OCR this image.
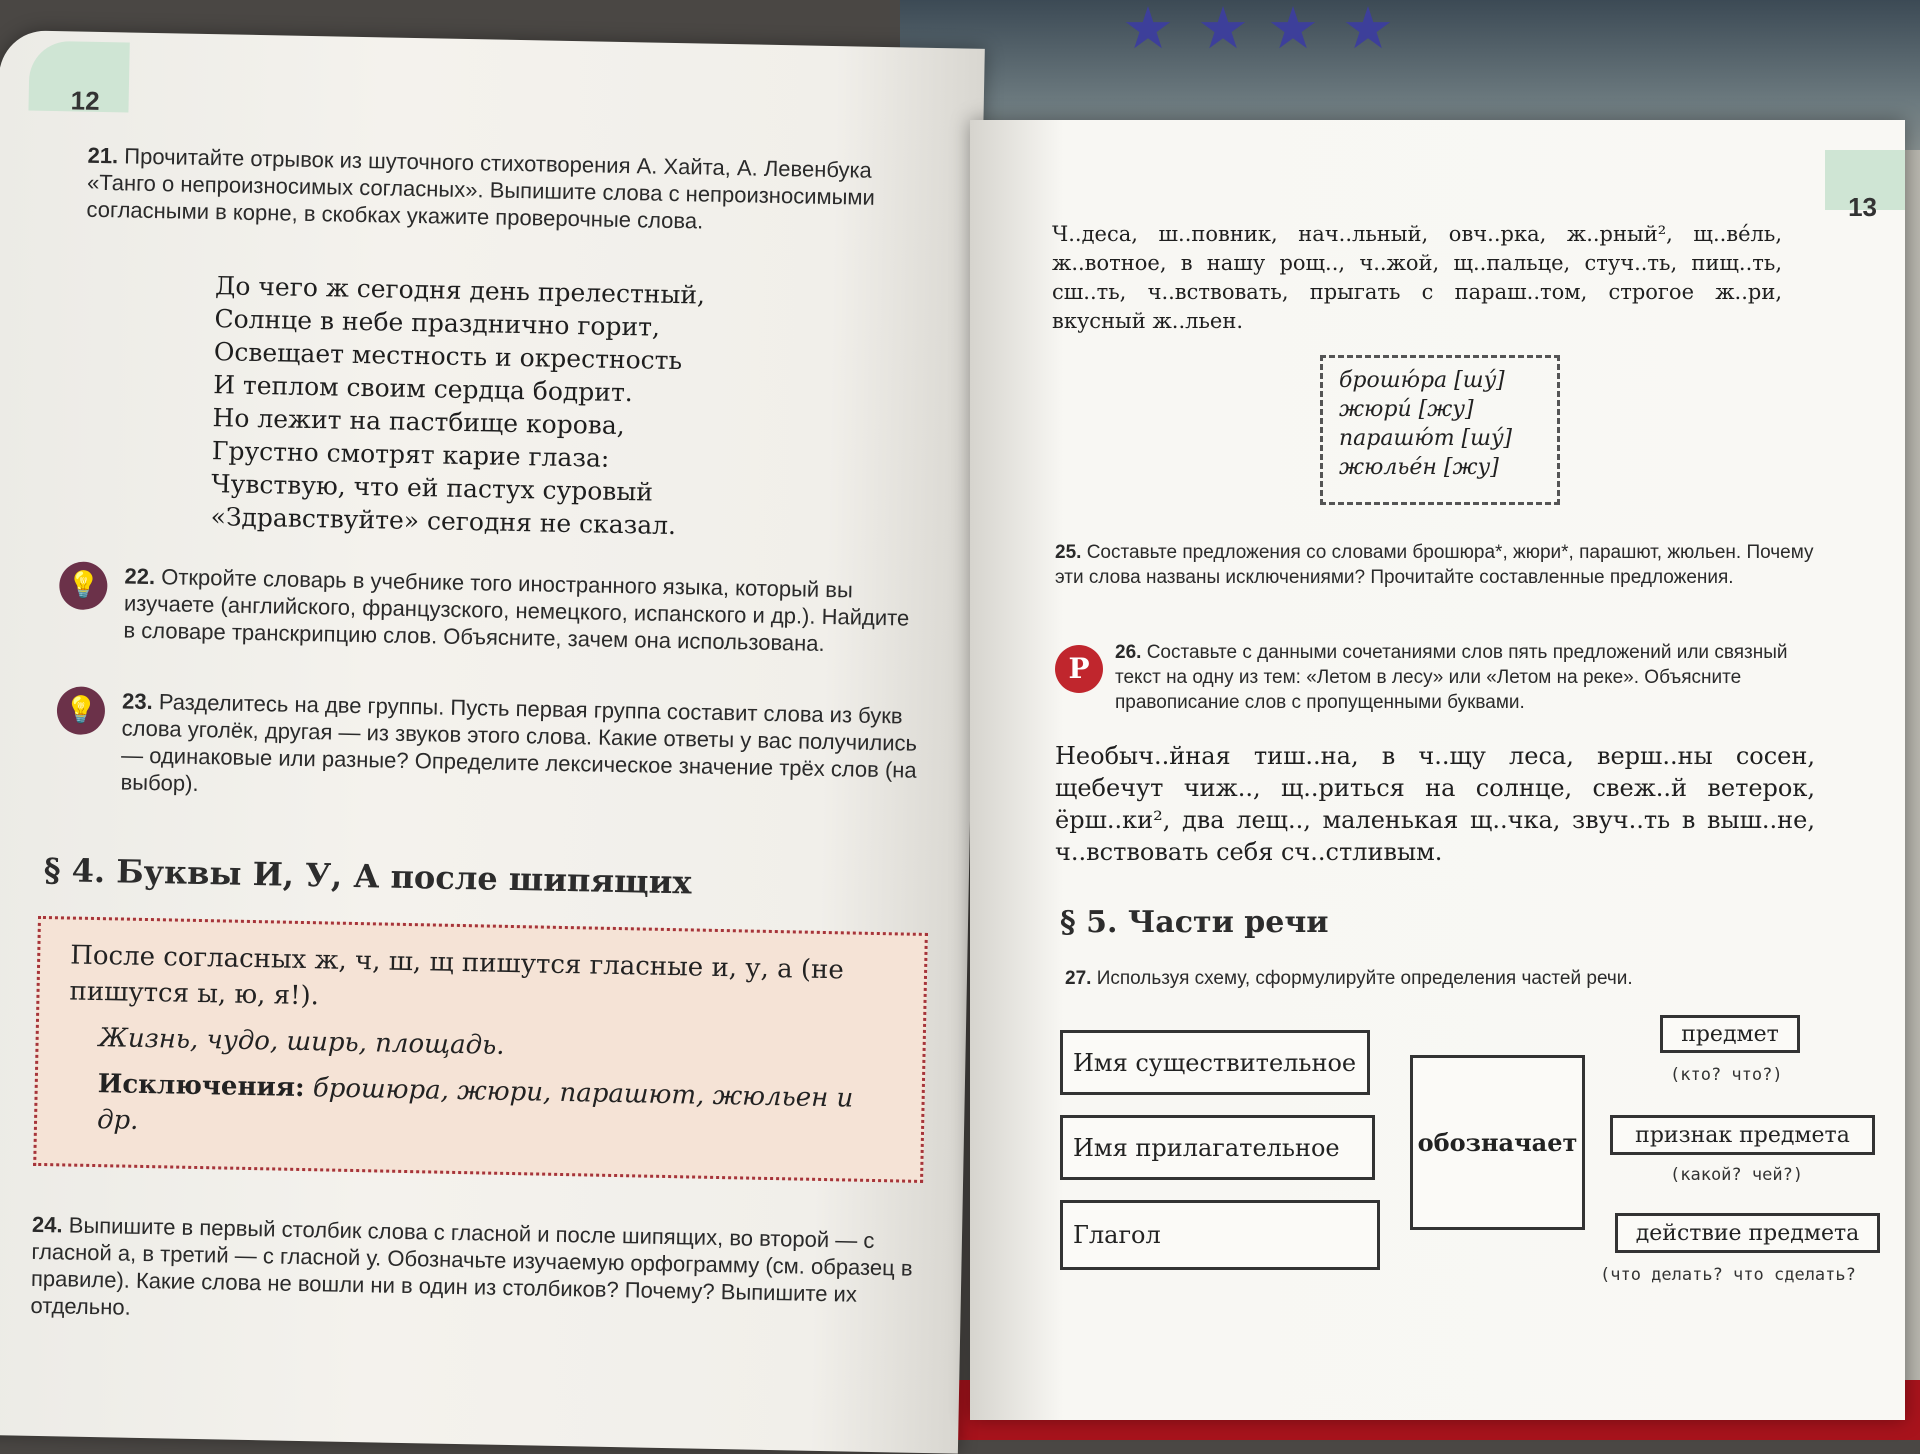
★ ★ ★ ★
12
21. Прочитайте отрывок из шуточного стихотворения А. Хайта, А. Левенбука «Танго о непроизносимых согласных». Выпишите слова с непроизносимыми согласными в корне, в скобках укажите проверочные слова.
До чего ж сегодня день прелестный,
Солнце в небе празднично горит,
Освещает местность и окрестность
И теплом своим сердца бодрит.
Но лежит на пастбище корова,
Грустно смотрят карие глаза:
Чувствую, что ей пастух суровый
«Здравствуйте» сегодня не сказал.
💡	22. Откройте словарь в учебнике того иностранного языка, который вы изучаете (английского, французского, немецкого, испанского и др.). Найдите в словаре транскрипцию слов. Объясните, зачем она использована.
💡	23. Разделитесь на две группы. Пусть первая группа составит слова из букв слова уголёк, другая — из звуков этого слова. Какие ответы у вас получились — одинаковые или разные? Определите лексическое значение трёх слов (на выбор).
§ 4. Буквы И, У, А после шипящих

После согласных ж, ч, ш, щ пишутся гласные и, у, а (не пишутся ы, ю, я!).

Жизнь, чудо, ширь, площадь.

Исключения: брошюра, жюри, парашют, жюльен и др.

24. Выпишите в первый столбик слова с гласной и после шипящих, во второй — с гласной а, в третий — с гласной у. Обозначьте изучаемую орфограмму (см. образец в правиле). Какие слова не вошли ни в один из столбиков? Почему? Выпишите их отдельно.
13
Ч..деса, ш..повник, нач..льный, овч..рка, ж..рный², щ..вéль, ж..вотное, в нашу рощ.., ч..жой, щ..пальце, стуч..ть, пищ..ть, сш..ть, ч..вствовать, прыгать с параш..том, строгое ж..ри, вкусный ж..льен.
брошю́ра [шý]
жюри́ [жу]
парашю́т [шý]
жюльéн [жу]
25. Составьте предложения со словами брошюра*, жюри*, парашют, жюльен. Почему эти слова названы исключениями? Прочитайте составленные предложения.
Р	26. Составьте с данными сочетаниями слов пять предложений или связный текст на одну из тем: «Летом в лесу» или «Летом на реке». Объясните правописание слов с пропущенными буквами.
Необыч..йная тиш..на, в ч..щу леса, верш..ны сосен, щебечут чиж.., щ..риться на солнце, свеж..й ветерок, ёрш..ки², два лещ.., маленькая щ..чка, звуч..ть в выш..не, ч..вствовать себя сч..стливым.
§ 5. Части речи
27. Используя схему, сформулируйте определения частей речи.
Имя существительное
Имя прилагательное
Глагол
обозначает
предмет
(кто? что?)
признак предмета
(какой? чей?)
действие предмета
(что делать? что сделать?
